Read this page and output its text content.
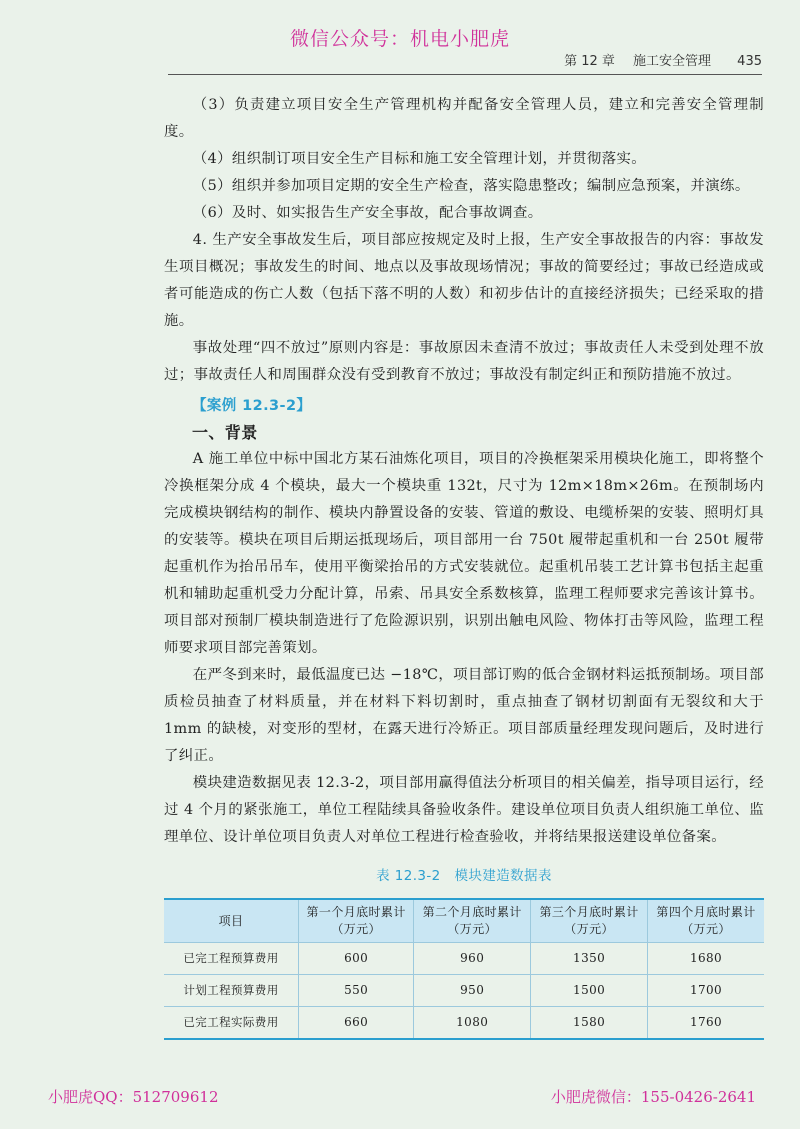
微信公众号：机电小肥虎
第 12 章 施工安全管理 435

（3）负责建立项目安全生产管理机构并配备安全管理人员，建立和完善安全管理制度。

（4）组织制订项目安全生产目标和施工安全管理计划，并贯彻落实。

（5）组织并参加项目定期的安全生产检查，落实隐患整改；编制应急预案，并演练。

（6）及时、如实报告生产安全事故，配合事故调查。

4. 生产安全事故发生后，项目部应按规定及时上报，生产安全事故报告的内容：事故发生项目概况；事故发生的时间、地点以及事故现场情况；事故的简要经过；事故已经造成或者可能造成的伤亡人数（包括下落不明的人数）和初步估计的直接经济损失；已经采取的措施。

事故处理“四不放过”原则内容是：事故原因未查清不放过；事故责任人未受到处理不放过；事故责任人和周围群众没有受到教育不放过；事故没有制定纠正和预防措施不放过。

【案例 12.3-2】
一、背景

A 施工单位中标中国北方某石油炼化项目，项目的冷换框架采用模块化施工，即将整个冷换框架分成 4 个模块，最大一个模块重 132t，尺寸为 12m×18m×26m。在预制场内完成模块钢结构的制作、模块内静置设备的安装、管道的敷设、电缆桥架的安装、照明灯具的安装等。模块在项目后期运抵现场后，项目部用一台 750t 履带起重机和一台 250t 履带起重机作为抬吊吊车，使用平衡梁抬吊的方式安装就位。起重机吊装工艺计算书包括主起重机和辅助起重机受力分配计算，吊索、吊具安全系数核算，监理工程师要求完善该计算书。项目部对预制厂模块制造进行了危险源识别，识别出触电风险、物体打击等风险，监理工程师要求项目部完善策划。

在严冬到来时，最低温度已达 −18℃，项目部订购的低合金钢材料运抵预制场。项目部质检员抽查了材料质量，并在材料下料切割时，重点抽查了钢材切割面有无裂纹和大于 1mm 的缺棱，对变形的型材，在露天进行冷矫正。项目部质量经理发现问题后，及时进行了纠正。

模块建造数据见表 12.3-2，项目部用赢得值法分析项目的相关偏差，指导项目运行，经过 4 个月的紧张施工，单位工程陆续具备验收条件。建设单位项目负责人组织施工单位、监理单位、设计单位项目负责人对单位工程进行检查验收，并将结果报送建设单位备案。

表 12.3-2　模块建造数据表
项目	第一个月底时累计（万元）	第二个月底时累计（万元）	第三个月底时累计（万元）	第四个月底时累计（万元）
已完工程预算费用	600	960	1350	1680
计划工程预算费用	550	950	1500	1700
已完工程实际费用	660	1080	1580	1760
小肥虎QQ：512709612	小肥虎微信：155-0426-2641
